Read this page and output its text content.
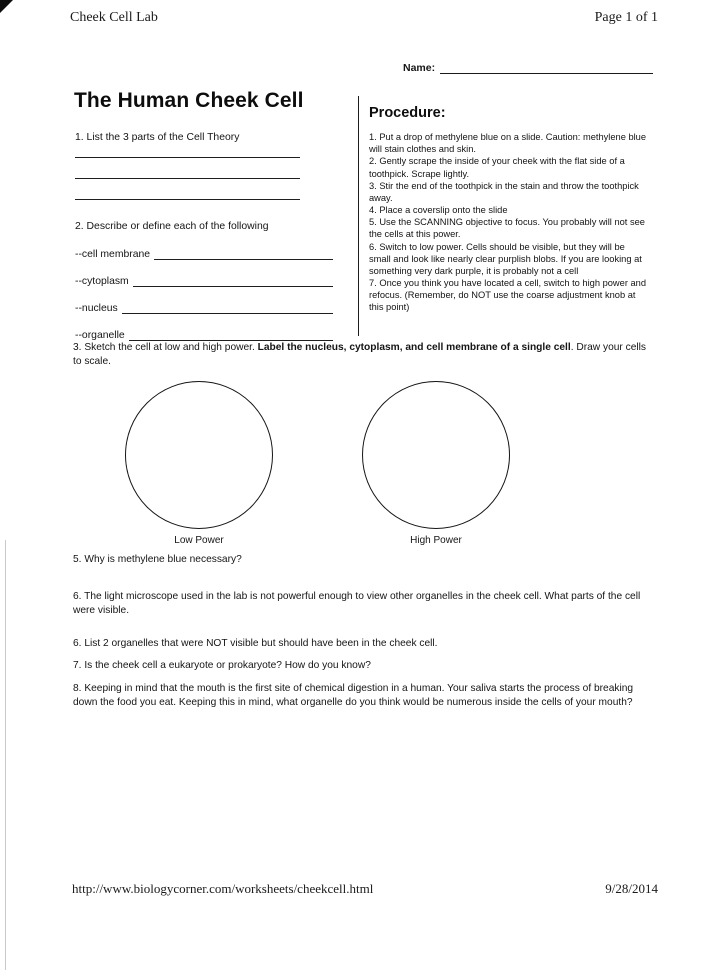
Cheek Cell Lab	Page 1 of 1
Name:
The Human Cheek Cell
1. List the 3 parts of the Cell Theory
2. Describe or define each of the following
--cell membrane
--cytoplasm
--nucleus
--organelle
Procedure:
1. Put a drop of methylene blue on a slide. Caution: methylene blue will stain clothes and skin.
2. Gently scrape the inside of your cheek with the flat side of a toothpick. Scrape lightly.
3. Stir the end of the toothpick in the stain and throw the toothpick away.
4. Place a coverslip onto the slide
5. Use the SCANNING objective to focus. You probably will not see the cells at this power.
6. Switch to low power. Cells should be visible, but they will be small and look like nearly clear purplish blobs. If you are looking at something very dark purple, it is probably not a cell
7. Once you think you have located a cell, switch to high power and refocus. (Remember, do NOT use the coarse adjustment knob at this point)
3. Sketch the cell at low and high power. Label the nucleus, cytoplasm, and cell membrane of a single cell. Draw your cells to scale.
Low Power	High Power
5. Why is methylene blue necessary?
6. The light microscope used in the lab is not powerful enough to view other organelles in the cheek cell. What parts of the cell were visible.
6. List 2 organelles that were NOT visible but should have been in the cheek cell.
7. Is the cheek cell a eukaryote or prokaryote? How do you know?
8. Keeping in mind that the mouth is the first site of chemical digestion in a human. Your saliva starts the process of breaking down the food you eat. Keeping this in mind, what organelle do you think would be numerous inside the cells of your mouth?
http://www.biologycorner.com/worksheets/cheekcell.html	9/28/2014
